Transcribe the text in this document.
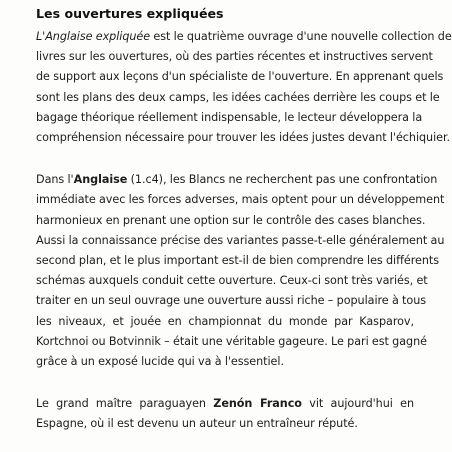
Les ouvertures expliquées
L'Anglaise expliquée est le quatrième ouvrage d'une nouvelle collection de
livres sur les ouvertures, où des parties récentes et instructives servent
de support aux leçons d'un spécialiste de l'ouverture. En apprenant quels
sont les plans des deux camps, les idées cachées derrière les coups et le
bagage théorique réellement indispensable, le lecteur développera la
compréhension nécessaire pour trouver les idées justes devant l'échiquier.
Dans l'Anglaise (1.c4), les Blancs ne recherchent pas une confrontation
immédiate avec les forces adverses, mais optent pour un développement
harmonieux en prenant une option sur le contrôle des cases blanches.
Aussi la connaissance précise des variantes passe-t-elle généralement au
second plan, et le plus important est-il de bien comprendre les différents
schémas auxquels conduit cette ouverture. Ceux-ci sont très variés, et
traiter en un seul ouvrage une ouverture aussi riche – populaire à tous
les niveaux, et jouée en championnat du monde par Kasparov,
Kortchnoi ou Botvinnik – était une véritable gageure. Le pari est gagné
grâce à un exposé lucide qui va à l'essentiel.
Le grand maître paraguayen Zenón Franco vit aujourd'hui en
Espagne, où il est devenu un auteur un entraîneur réputé.
